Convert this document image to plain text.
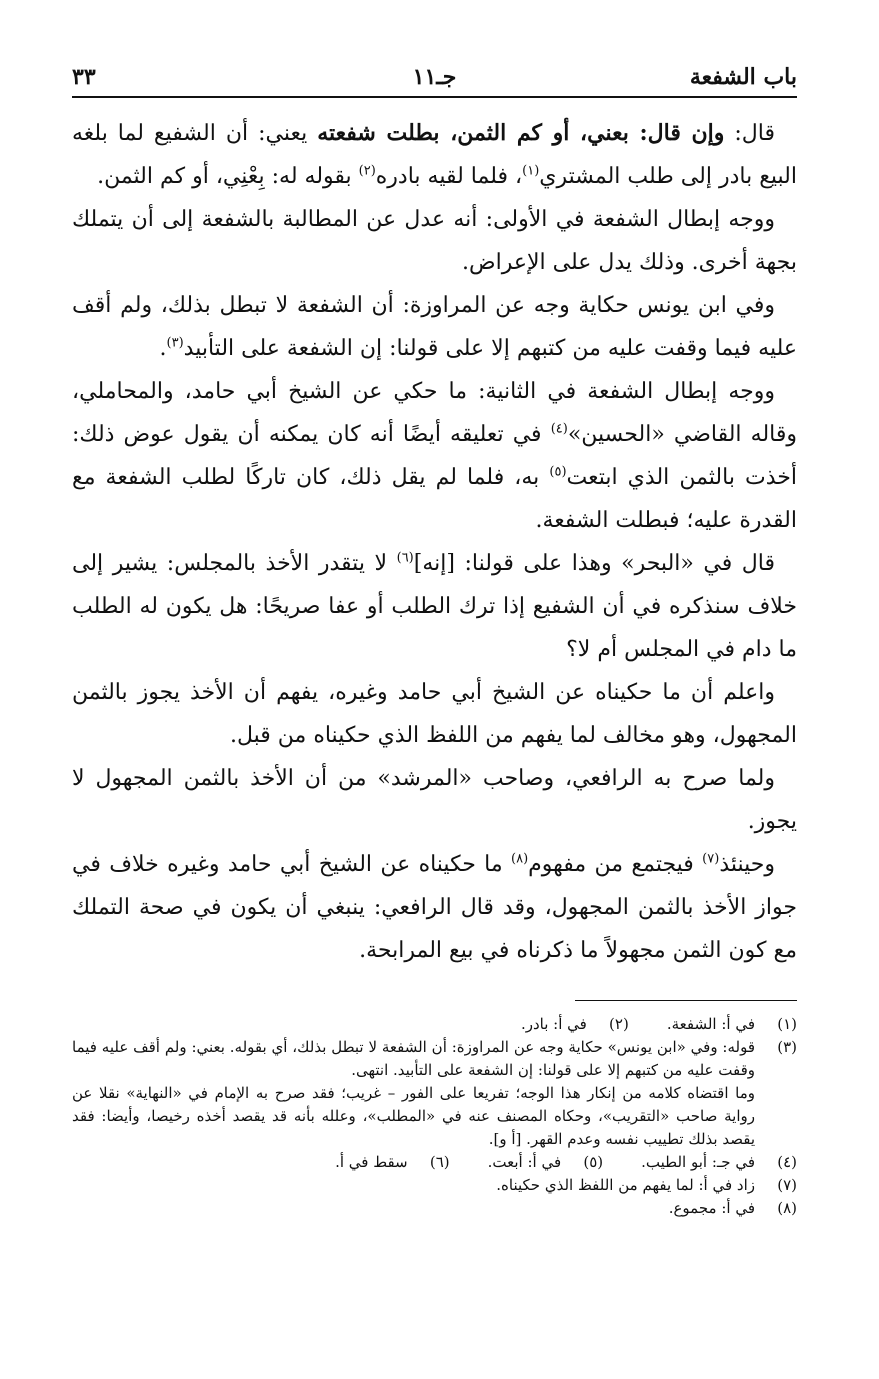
باب الشفعة
جـ١١
٣٣

قال: وإن قال: بعني، أو كم الثمن، بطلت شفعته يعني: أن الشفيع لما بلغه البيع بادر إلى طلب المشتري$^{(١)}$، فلما لقيه بادره$^{(٢)}$ بقوله له: بِعْنِي، أو كم الثمن.

ووجه إبطال الشفعة في الأولى: أنه عدل عن المطالبة بالشفعة إلى أن يتملك بجهة أخرى. وذلك يدل على الإعراض.

وفي ابن يونس حكاية وجه عن المراوزة: أن الشفعة لا تبطل بذلك، ولم أقف عليه فيما وقفت عليه من كتبهم إلا على قولنا: إن الشفعة على التأبيد$^{(٣)}$.

ووجه إبطال الشفعة في الثانية: ما حكي عن الشيخ أبي حامد، والمحاملي، وقاله القاضي «الحسين»$^{(٤)}$ في تعليقه أيضًا أنه كان يمكنه أن يقول عوض ذلك: أخذت بالثمن الذي ابتعت$^{(٥)}$ به، فلما لم يقل ذلك، كان تاركًا لطلب الشفعة مع القدرة عليه؛ فبطلت الشفعة.

قال في «البحر» وهذا على قولنا: [إنه]$^{(٦)}$ لا يتقدر الأخذ بالمجلس: يشير إلى خلاف سنذكره في أن الشفيع إذا ترك الطلب أو عفا صريحًا: هل يكون له الطلب ما دام في المجلس أم لا؟

واعلم أن ما حكيناه عن الشيخ أبي حامد وغيره، يفهم أن الأخذ يجوز بالثمن المجهول، وهو مخالف لما يفهم من اللفظ الذي حكيناه من قبل.

ولما صرح به الرافعي، وصاحب «المرشد» من أن الأخذ بالثمن المجهول لا يجوز.

وحينئذ$^{(٧)}$ فيجتمع من مفهوم$^{(٨)}$ ما حكيناه عن الشيخ أبي حامد وغيره خلاف في جواز الأخذ بالثمن المجهول، وقد قال الرافعي: ينبغي أن يكون في صحة التملك مع كون الثمن مجهولاً ما ذكرناه في بيع المرابحة.

(١)
في أ: الشفعة.
(٢)
في أ: بادر.
(٣)
قوله: وفي «ابن يونس» حكاية وجه عن المراوزة: أن الشفعة لا تبطل بذلك، أي بقوله. بعني: ولم أقف عليه فيما وقفت عليه من كتبهم إلا على قولنا: إن الشفعة على التأبيد. انتهى.
وما اقتضاه كلامه من إنكار هذا الوجه؛ تفريعا على الفور – غريب؛ فقد صرح به الإمام في «النهاية» نقلا عن رواية صاحب «التقريب»، وحكاه المصنف عنه في «المطلب»، وعلله بأنه قد يقصد أخذه رخيصا، وأيضا: فقد يقصد بذلك تطييب نفسه وعدم القهر. [أ و].
(٤)
في جـ: أبو الطيب.
(٥)
في أ: أبعت.
(٦)
سقط في أ.
(٧)
زاد في أ: لما يفهم من اللفظ الذي حكيناه.
(٨)
في أ: مجموع.
